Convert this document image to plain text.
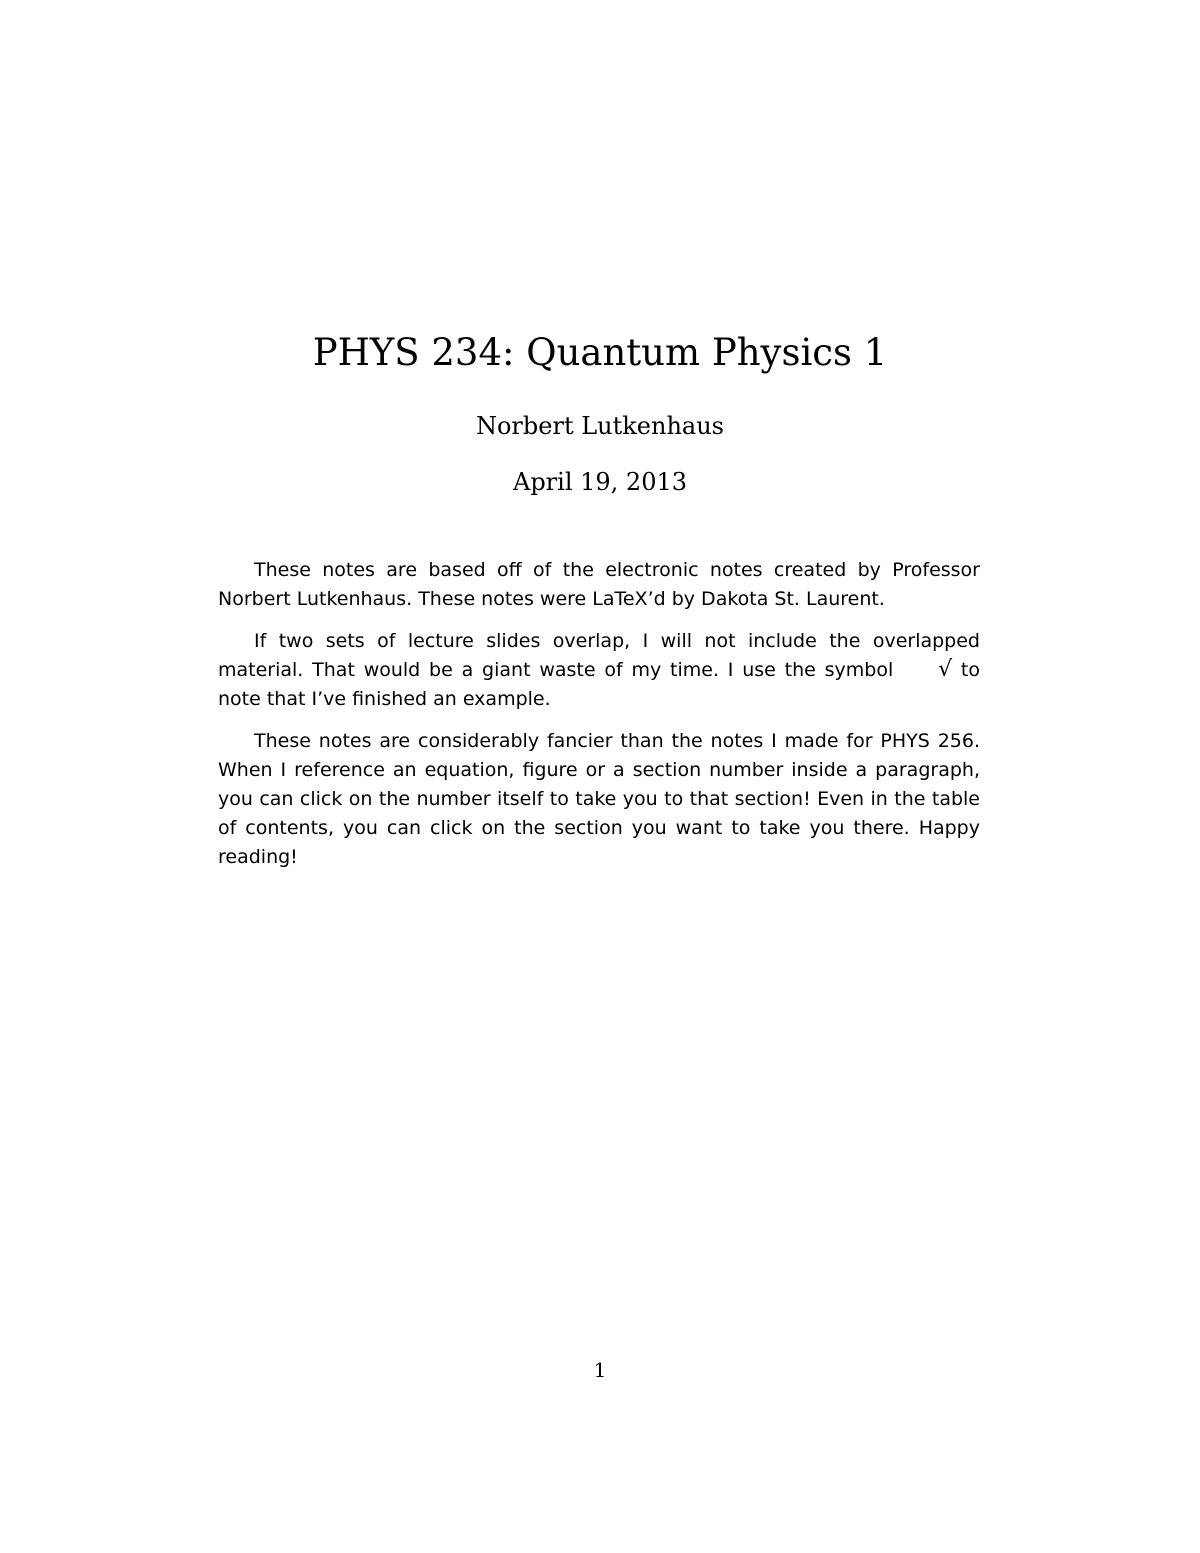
PHYS 234: Quantum Physics 1
Norbert Lutkenhaus
April 19, 2013

These notes are based off of the electronic notes created by Professor Norbert Lutkenhaus. These notes were LaTeX’d by Dakota St. Laurent.

If two sets of lecture slides overlap, I will not include the overlapped material. That would be a giant waste of my time. I use the symbol √ to note that I’ve finished an example.

These notes are considerably fancier than the notes I made for PHYS 256. When I reference an equation, figure or a section number inside a paragraph, you can click on the number itself to take you to that section! Even in the table of contents, you can click on the section you want to take you there. Happy reading!

1
